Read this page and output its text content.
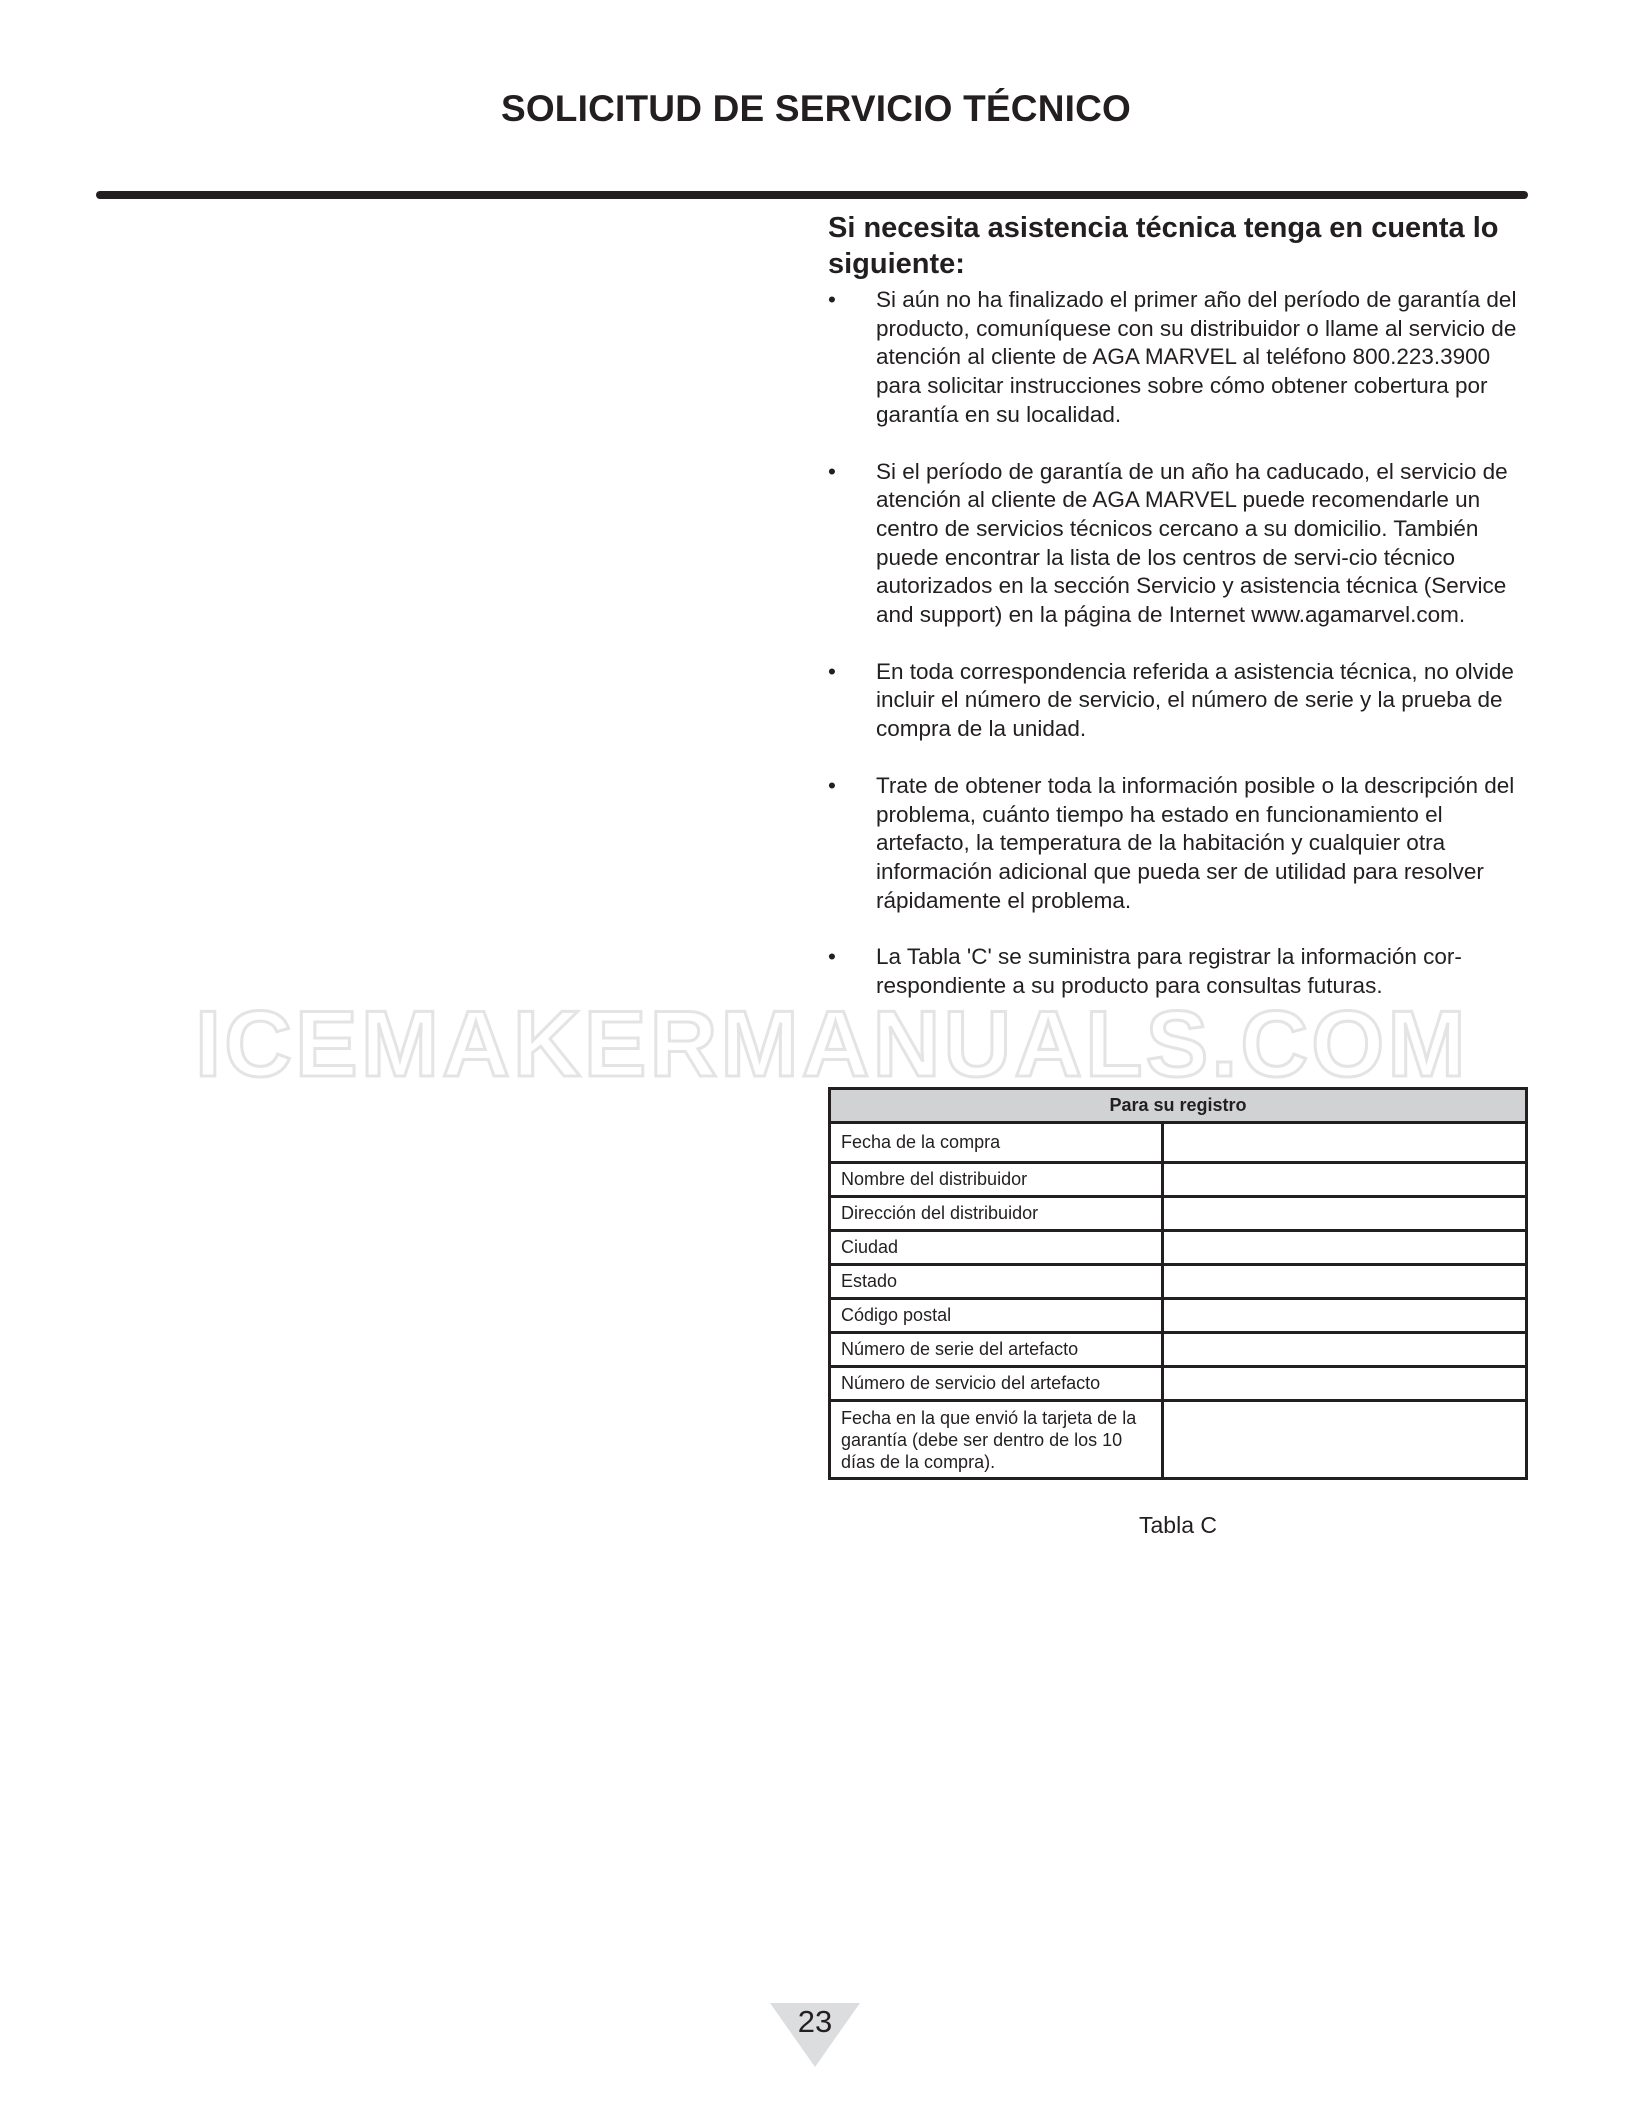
SOLICITUD DE SERVICIO TÉCNICO
ICEMAKERMANUALS.COM
Si necesita asistencia técnica tenga en cuenta lo siguiente:
• Si aún no ha finalizado el primer año del período de garantía del producto, comuníquese con su distribuidor o llame al servicio de atención al cliente de AGA MARVEL al teléfono 800.223.3900 para solicitar instrucciones sobre cómo obtener cobertura por garantía en su localidad.
• Si el período de garantía de un año ha caducado, el servicio de atención al cliente de AGA MARVEL puede recomendarle un centro de servicios técnicos cercano a su domicilio. También puede encontrar la lista de los centros de servi-cio técnico autorizados en la sección Servicio y asistencia técnica (Service and support) en la página de Internet www.agamarvel.com.
• En toda correspondencia referida a asistencia técnica, no olvide incluir el número de servicio, el número de serie y la prueba de compra de la unidad.
• Trate de obtener toda la información posible o la descripción del problema, cuánto tiempo ha estado en funcionamiento el artefacto, la temperatura de la habitación y cualquier otra información adicional que pueda ser de utilidad para resolver rápidamente el problema.
• La Tabla 'C' se suministra para registrar la información cor-respondiente a su producto para consultas futuras.
Para su registro	
Fecha de la compra	
Nombre del distribuidor	
Dirección del distribuidor	
Ciudad	
Estado	
Código postal	
Número de serie del artefacto	
Número de servicio del artefacto	
Fecha en la que envió la tarjeta de la garantía (debe ser dentro de los 10 días de la compra).	

Tabla C

23
